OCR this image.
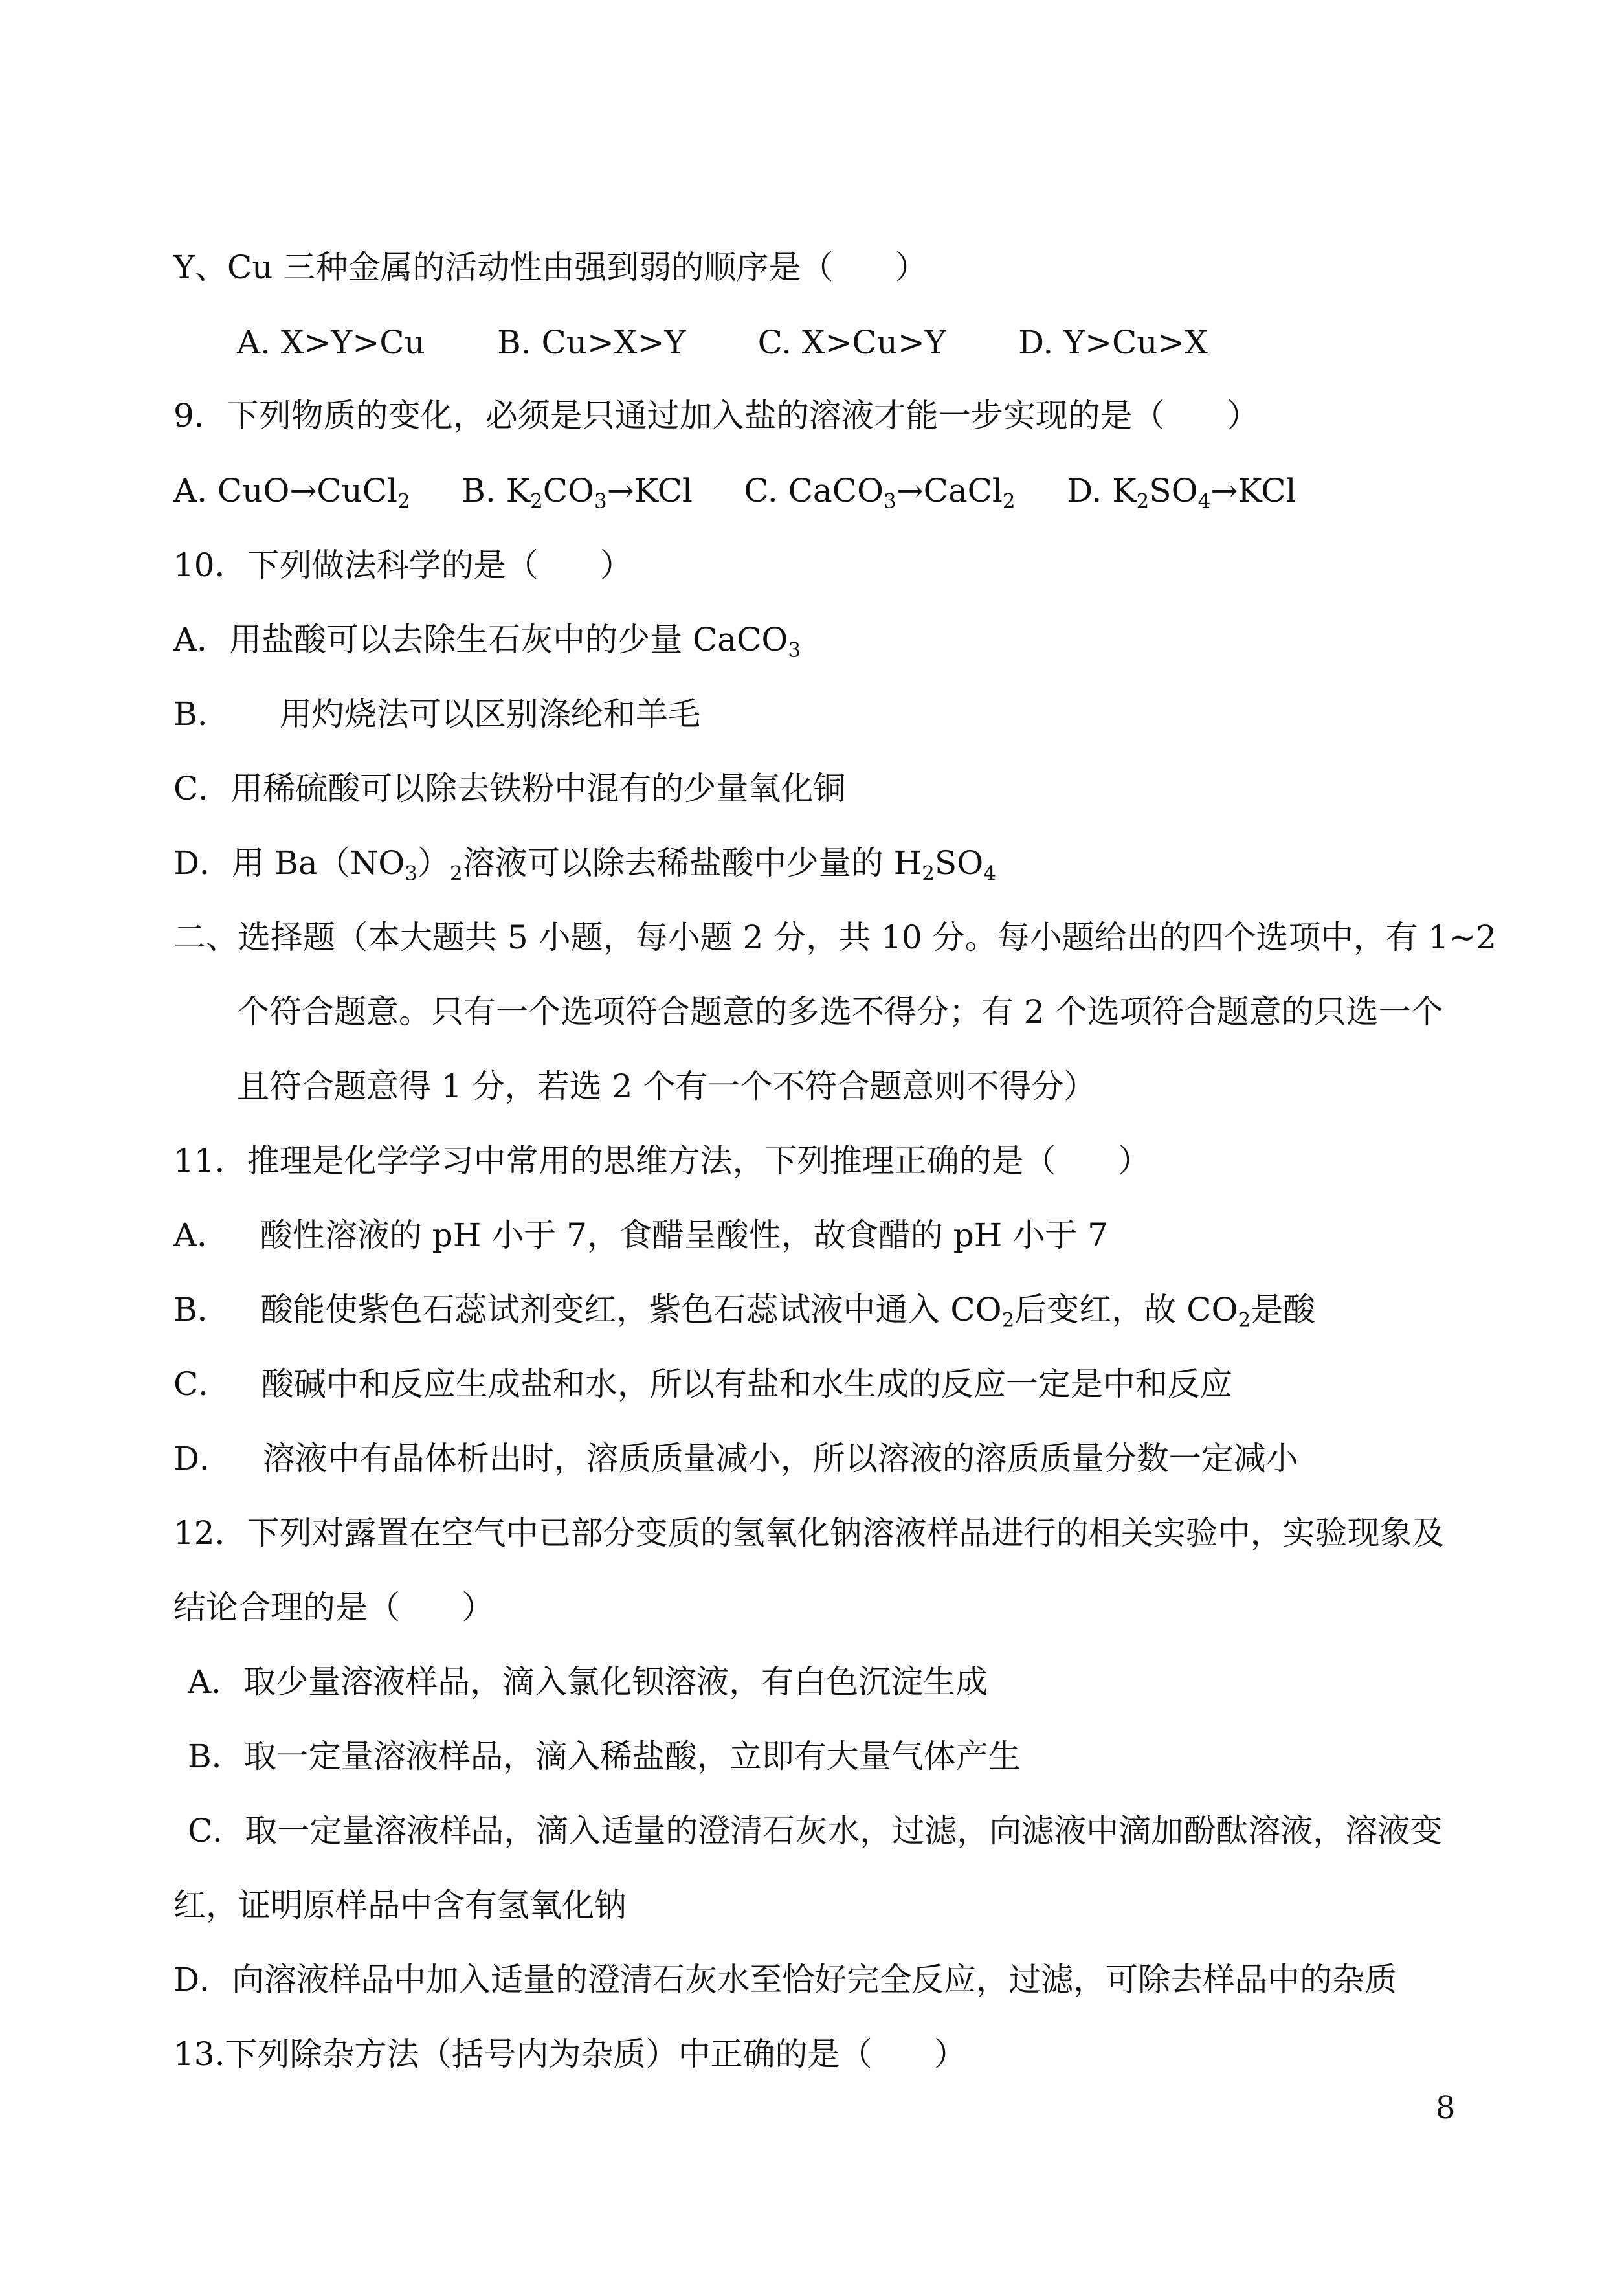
Y、Cu 三种金属的活动性由强到弱的顺序是（      ）
A. X>Y>Cu       B. Cu>X>Y       C. X>Cu>Y       D. Y>Cu>X
9．下列物质的变化，必须是只通过加入盐的溶液才能一步实现的是（      ）
A. CuO→CuCl$_2$     B. $K_2CO_3\to KCl$     C. CaCO$_3$→CaCl$_2$     D. $K_2SO_4\to KCl$
10．下列做法科学的是（      ）
A．用盐酸可以去除生石灰中的少量 CaCO$_3$
B.       用灼烧法可以区别涤纶和羊毛
C．用稀硫酸可以除去铁粉中混有的少量氧化铜
D．用 $Ba(NO_3)_2$溶液可以除去稀盐酸中少量的 $H_2SO_4$
二、选择题（本大题共 5 小题，每小题 2 分，共 10 分。每小题给出的四个选项中，有 1~2
个符合题意。只有一个选项符合题意的多选不得分；有 2 个选项符合题意的只选一个
且符合题意得 1 分，若选 2 个有一个不符合题意则不得分）
11．推理是化学学习中常用的思维方法，下列推理正确的是（      ）
A．   酸性溶液的 pH 小于 7，食醋呈酸性，故食醋的 pH 小于 7
B．   酸能使紫色石蕊试剂变红，紫色石蕊试液中通入 $CO_2$后变红，故 $CO_2$是酸
C．   酸碱中和反应生成盐和水，所以有盐和水生成的反应一定是中和反应
D．   溶液中有晶体析出时，溶质质量减小，所以溶液的溶质质量分数一定减小
12．下列对露置在空气中已部分变质的氢氧化钠溶液样品进行的相关实验中，实验现象及
结论合理的是（      ）
A．取少量溶液样品，滴入氯化钡溶液，有白色沉淀生成
B．取一定量溶液样品，滴入稀盐酸，立即有大量气体产生
C．取一定量溶液样品，滴入适量的澄清石灰水，过滤，向滤液中滴加酚酞溶液，溶液变
红，证明原样品中含有氢氧化钠
D．向溶液样品中加入适量的澄清石灰水至恰好完全反应，过滤，可除去样品中的杂质
13.下列除杂方法（括号内为杂质）中正确的是（      ）
8
